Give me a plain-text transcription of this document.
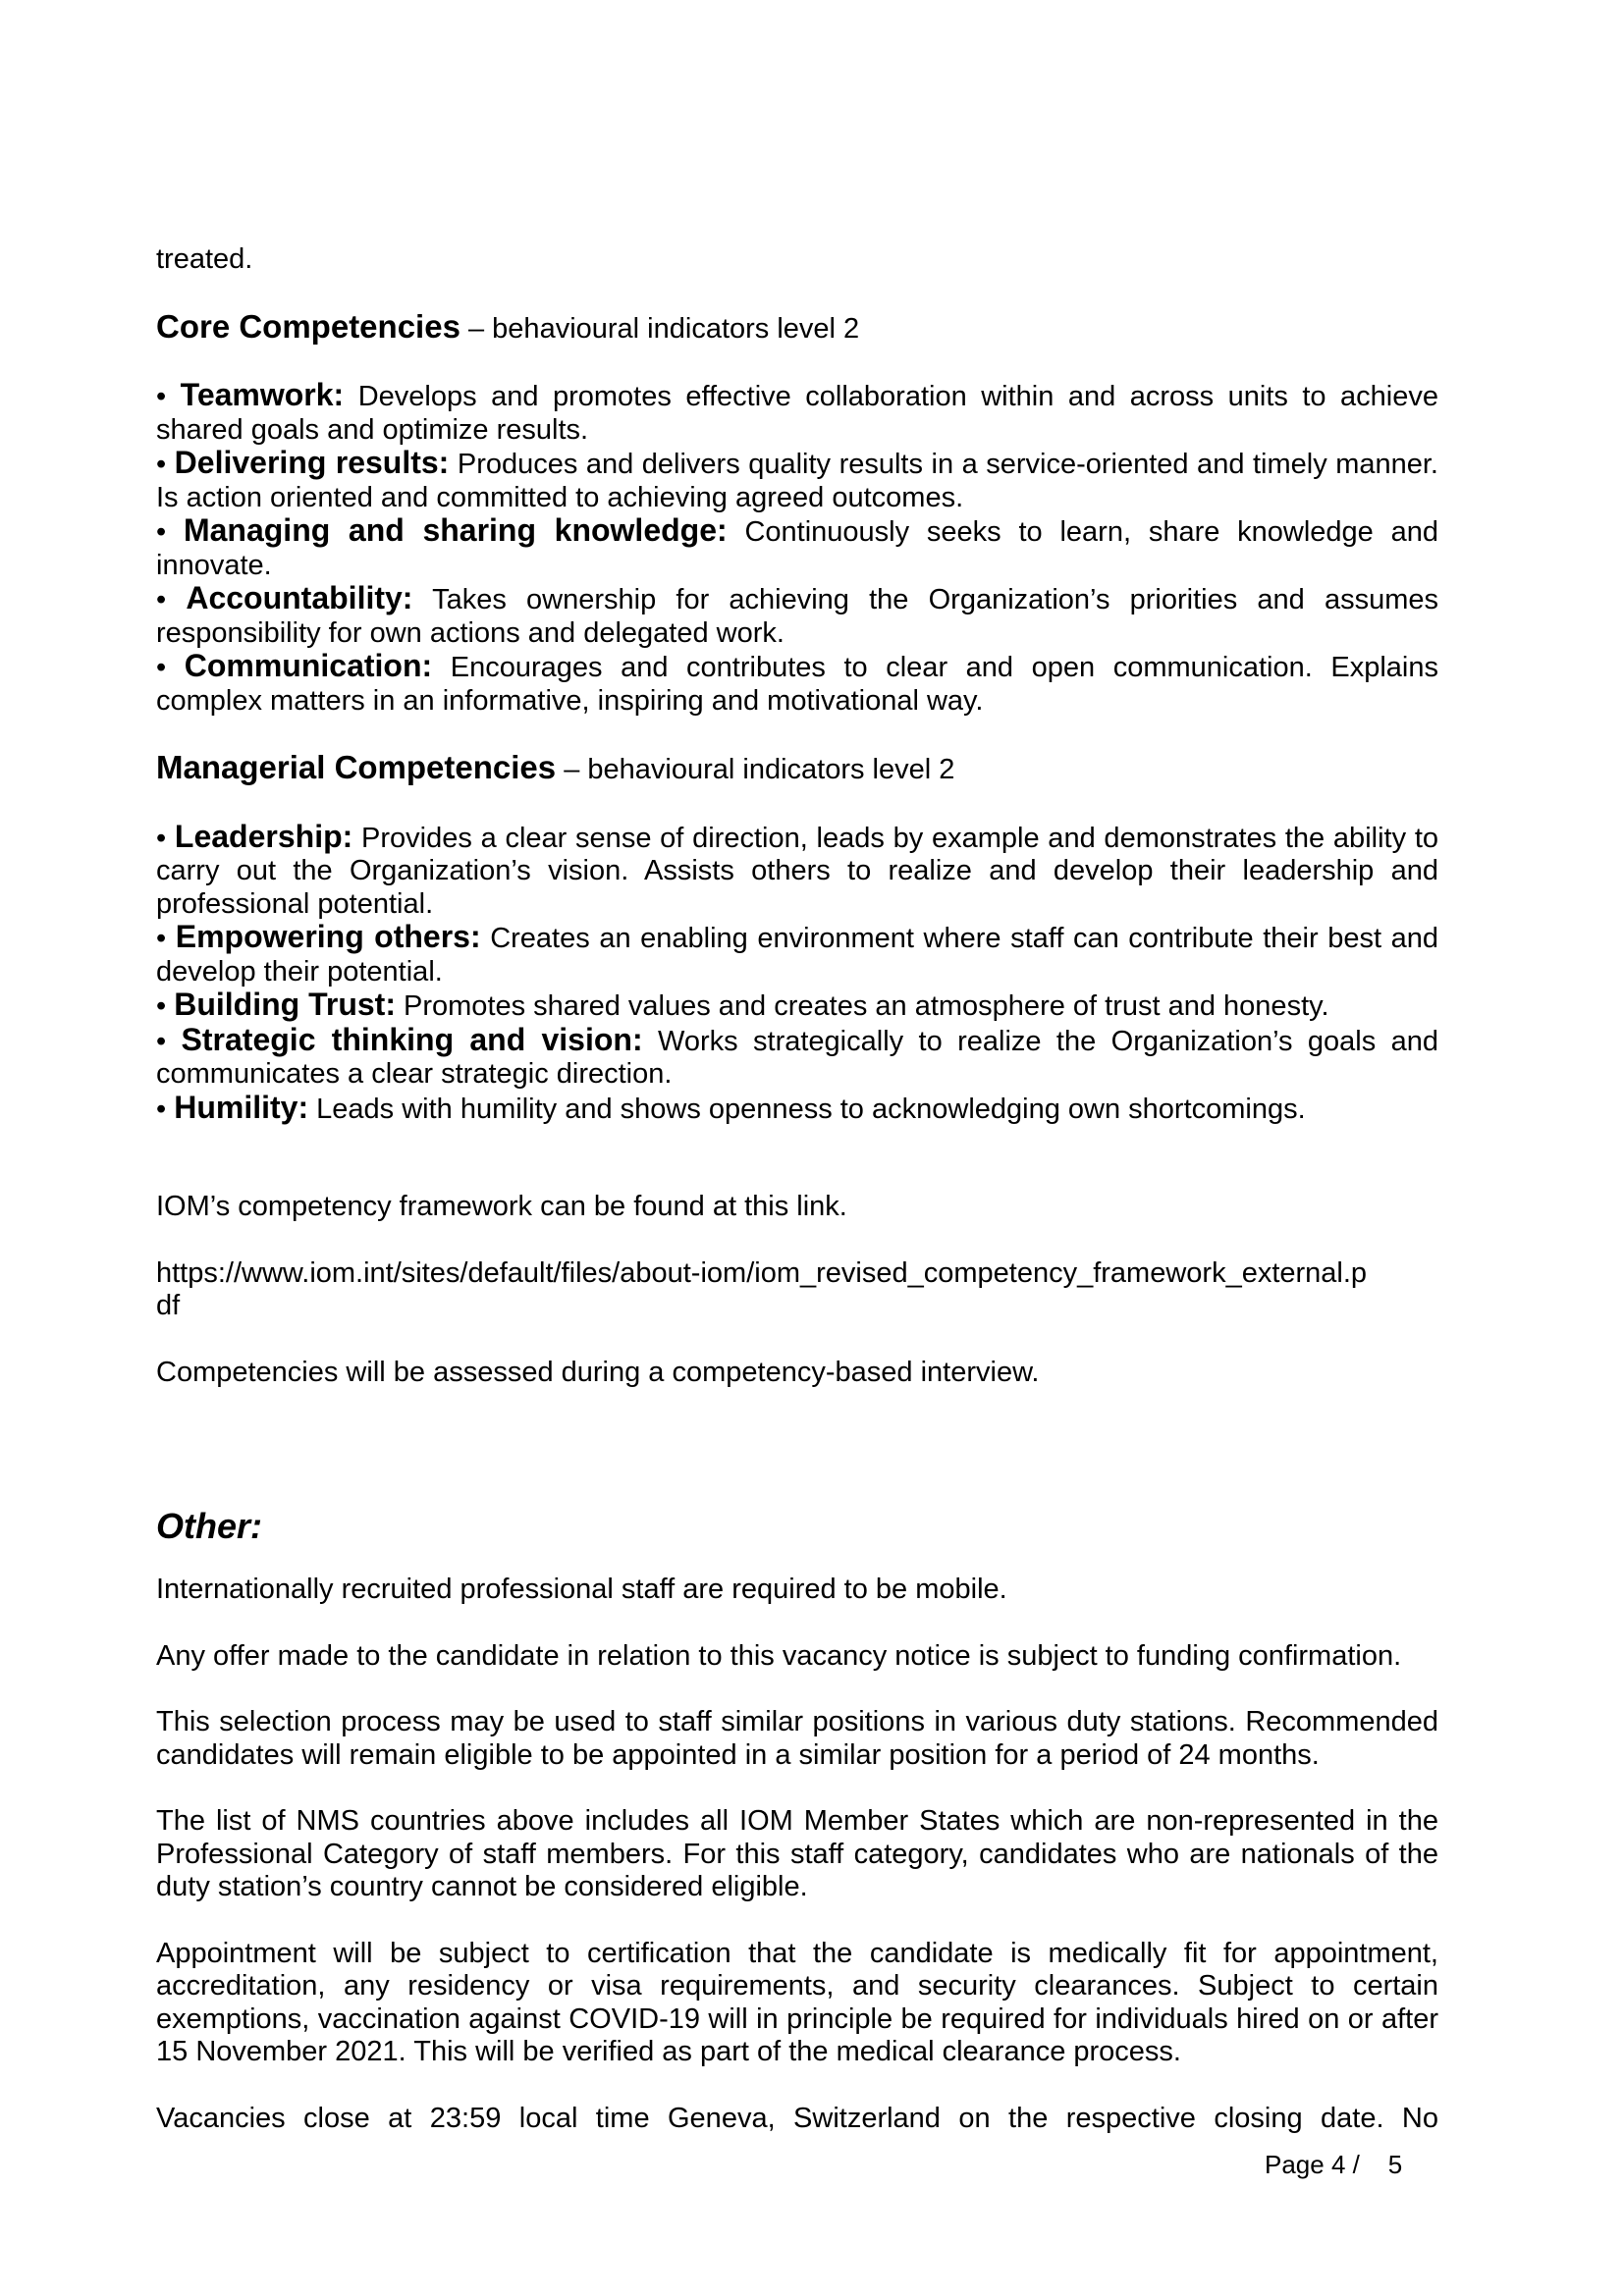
treated.

Core Competencies – behavioural indicators level 2

• Teamwork: Develops and promotes effective collaboration within and across units to achieve shared goals and optimize results.

• Delivering results: Produces and delivers quality results in a service-oriented and timely manner. Is action oriented and committed to achieving agreed outcomes.

• Managing and sharing knowledge: Continuously seeks to learn, share knowledge and innovate.

• Accountability: Takes ownership for achieving the Organization’s priorities and assumes responsibility for own actions and delegated work.

• Communication: Encourages and contributes to clear and open communication. Explains complex matters in an informative, inspiring and motivational way.

Managerial Competencies – behavioural indicators level 2

• Leadership: Provides a clear sense of direction, leads by example and demonstrates the ability to carry out the Organization’s vision. Assists others to realize and develop their leadership and professional potential.

• Empowering others: Creates an enabling environment where staff can contribute their best and develop their potential.

• Building Trust: Promotes shared values and creates an atmosphere of trust and honesty.

• Strategic thinking and vision: Works strategically to realize the Organization’s goals and communicates a clear strategic direction.

• Humility: Leads with humility and shows openness to acknowledging own shortcomings.

IOM’s competency framework can be found at this link.

https://www.iom.int/sites/default/files/about-iom/iom_revised_competency_framework_external.p
df

Competencies will be assessed during a competency-based interview.

Other:

Internationally recruited professional staff are required to be mobile.

Any offer made to the candidate in relation to this vacancy notice is subject to funding confirmation.

This selection process may be used to staff similar positions in various duty stations. Recommended candidates will remain eligible to be appointed in a similar position for a period of 24 months.

The list of NMS countries above includes all IOM Member States which are non-represented in the Professional Category of staff members. For this staff category, candidates who are nationals of the duty station’s country cannot be considered eligible.

Appointment will be subject to certification that the candidate is medically fit for appointment, accreditation, any residency or visa requirements, and security clearances. Subject to certain exemptions, vaccination against COVID-19 will in principle be required for individuals hired on or after 15 November 2021. This will be verified as part of the medical clearance process.

Vacancies close at 23:59 local time Geneva, Switzerland on the respective closing date. No

Page 4 / 5
